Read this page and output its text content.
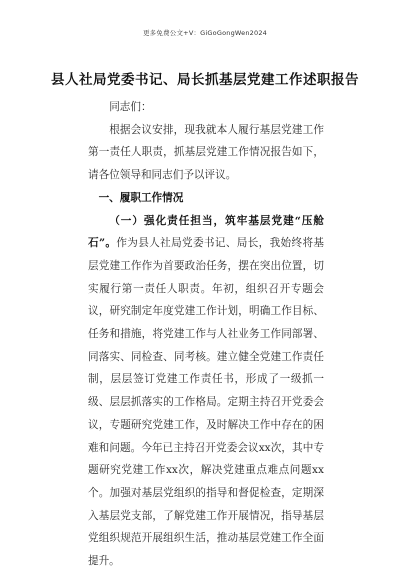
更多免费公文+V：GiGoGongWen2024
县人社局党委书记、局长抓基层党建工作述职报告

同志们：

根据会议安排，现我就本人履行基层党建工作第一责任人职责，抓基层党建工作情况报告如下，请各位领导和同志们予以评议。

一、履职工作情况

（一）强化责任担当，筑牢基层党建“压舱石”。作为县人社局党委书记、局长，我始终将基层党建工作作为首要政治任务，摆在突出位置，切实履行第一责任人职责。年初，组织召开专题会议，研究制定年度党建工作计划，明确工作目标、任务和措施，将党建工作与人社业务工作同部署、同落实、同检查、同考核。建立健全党建工作责任制，层层签订党建工作责任书，形成了一级抓一级、层层抓落实的工作格局。定期主持召开党委会议，专题研究党建工作，及时解决工作中存在的困难和问题。今年已主持召开党委会议xx次，其中专题研究党建工作xx次，解决党建重点难点问题xx个。加强对基层党组织的指导和督促检查，定期深入基层党支部，了解党建工作开展情况，指导基层党组织规范开展组织生活，推动基层党建工作全面提升。
